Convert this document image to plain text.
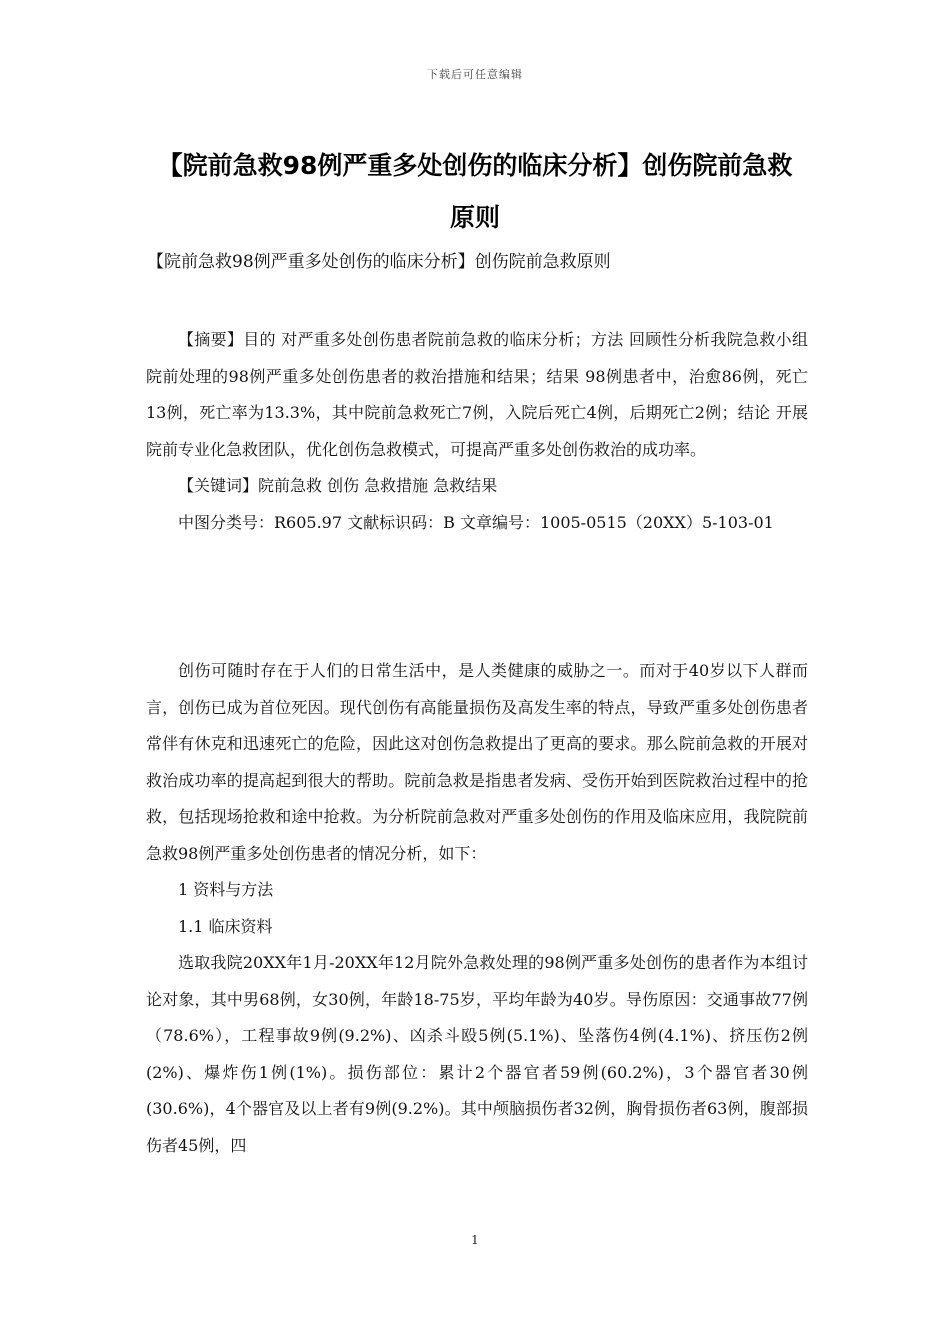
下载后可任意编辑
【院前急救98例严重多处创伤的临床分析】创伤院前急救
原则
【院前急救98例严重多处创伤的临床分析】创伤院前急救原则

【摘要】目的 对严重多处创伤患者院前急救的临床分析；方法 回顾性分析我院急救小组院前处理的98例严重多处创伤患者的救治措施和结果；结果 98例患者中，治愈86例，死亡13例，死亡率为13.3%，其中院前急救死亡7例，入院后死亡4例，后期死亡2例；结论 开展院前专业化急救团队，优化创伤急救模式，可提高严重多处创伤救治的成功率。

【关键词】院前急救 创伤 急救措施 急救结果

中图分类号：R605.97 文献标识码：B 文章编号：1005-0515（20XX）5-103-01

创伤可随时存在于人们的日常生活中，是人类健康的威胁之一。而对于40岁以下人群而言，创伤已成为首位死因。现代创伤有高能量损伤及高发生率的特点，导致严重多处创伤患者常伴有休克和迅速死亡的危险，因此这对创伤急救提出了更高的要求。那么院前急救的开展对救治成功率的提高起到很大的帮助。院前急救是指患者发病、受伤开始到医院救治过程中的抢救，包括现场抢救和途中抢救。为分析院前急救对严重多处创伤的作用及临床应用，我院院前急救98例严重多处创伤患者的情况分析，如下：

1 资料与方法

1.1 临床资料

选取我院20XX年1月-20XX年12月院外急救处理的98例严重多处创伤的患者作为本组讨论对象，其中男68例，女30例，年龄18-75岁，平均年龄为40岁。导伤原因：交通事故77例（78.6%），工程事故9例(9.2%)、凶杀斗殴5例(5.1%)、坠落伤4例(4.1%)、挤压伤2例(2%)、爆炸伤1例(1%)。损伤部位：累计2个器官者59例(60.2%)，3个器官者30例(30.6%)，4个器官及以上者有9例(9.2%)。其中颅脑损伤者32例，胸骨损伤者63例，腹部损伤者45例，四

1
